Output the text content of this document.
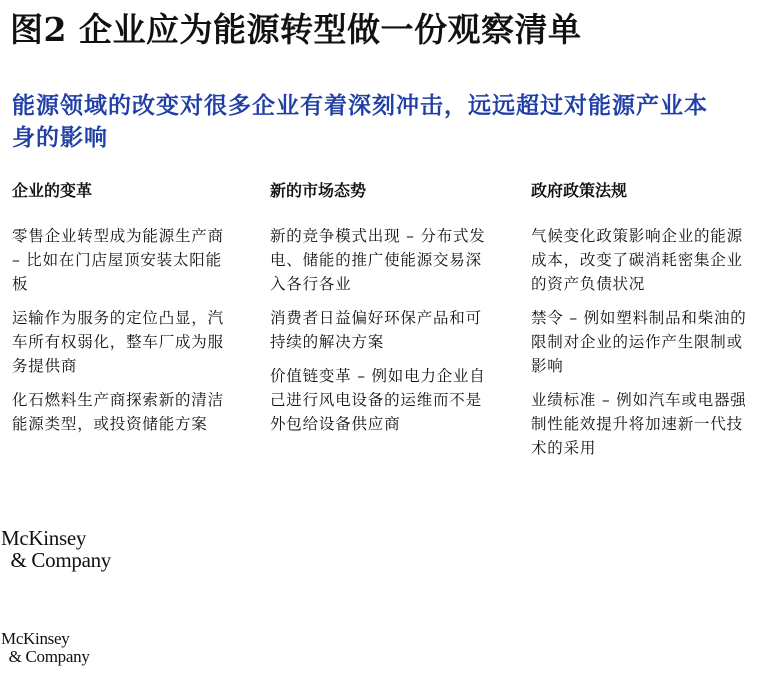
图2 企业应为能源转型做一份观察清单
能源领域的改变对很多企业有着深刻冲击，远远超过对能源产业本身的影响
企业的变革
零售企业转型成为能源生产商 – 比如在门店屋顶安装太阳能板
运输作为服务的定位凸显，汽车所有权弱化，整车厂成为服务提供商
化石燃料生产商探索新的清洁能源类型，或投资储能方案
新的市场态势
新的竞争模式出现 – 分布式发电、储能的推广使能源交易深入各行各业
消费者日益偏好环保产品和可持续的解决方案
价值链变革 – 例如电力企业自己进行风电设备的运维而不是外包给设备供应商
政府政策法规
气候变化政策影响企业的能源成本，改变了碳消耗密集企业的资产负债状况
禁令 – 例如塑料制品和柴油的限制对企业的运作产生限制或影响
业绩标准 – 例如汽车或电器强制性能效提升将加速新一代技术的采用
McKinsey
& Company
McKinsey
& Company
